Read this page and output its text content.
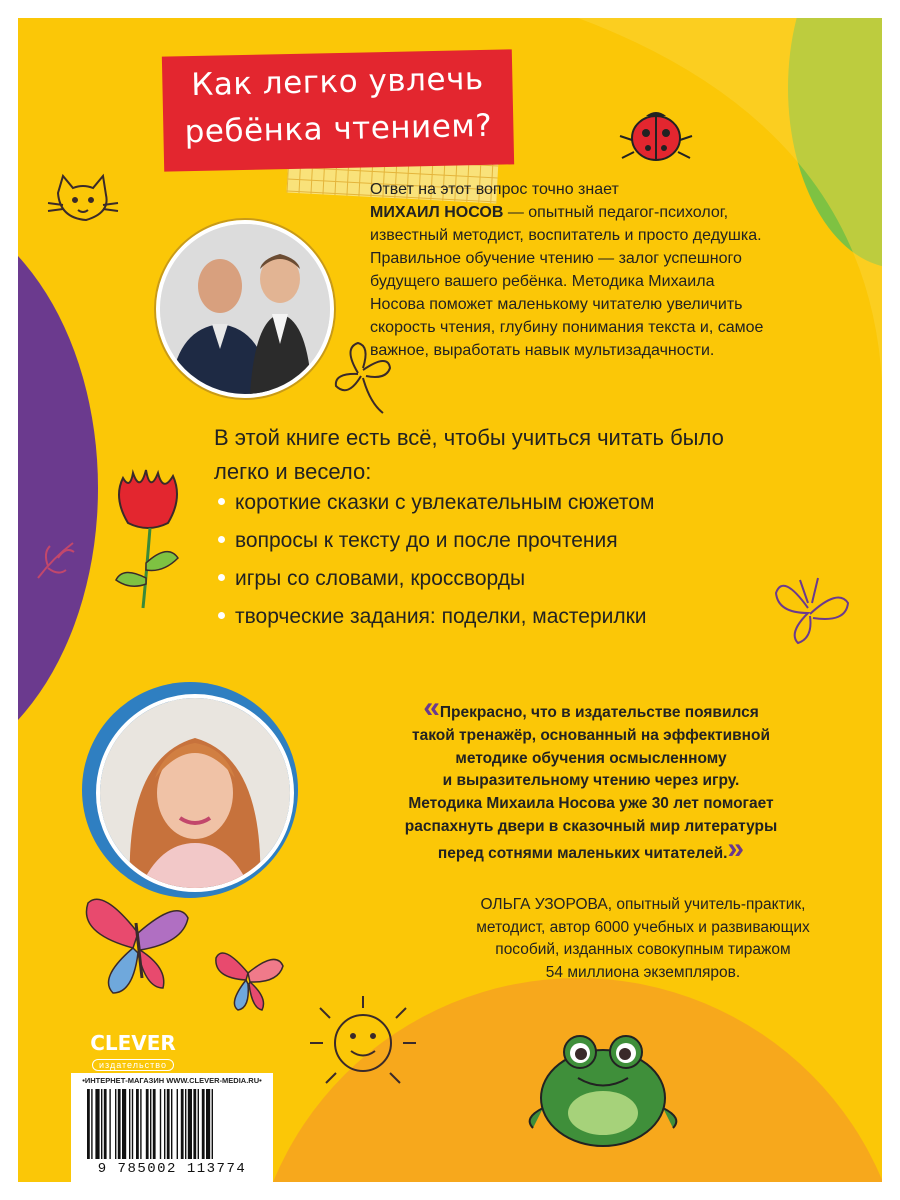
Как легко увлечь
ребёнка чтением?
Ответ на этот вопрос точно знает
МИХАИЛ НОСОВ — опытный педагог-психолог,
известный методист, воспитатель и просто дедушка.
Правильное обучение чтению — залог успешного
будущего вашего ребёнка. Методика Михаила
Носова поможет маленькому читателю увеличить
скорость чтения, глубину понимания текста и, самое
важное, выработать навык мультизадачности.
В этой книге есть всё, чтобы учиться читать было
легко и весело:
короткие сказки с увлекательным сюжетом
вопросы к тексту до и после прочтения
игры со словами, кроссворды
творческие задания: поделки, мастерилки
«Прекрасно, что в издательстве появился
такой тренажёр, основанный на эффективной
методике обучения осмысленному
и выразительному чтению через игру.
Методика Михаила Носова уже 30 лет помогает
распахнуть двери в сказочный мир литературы
перед сотнями маленьких читателей.»
ОЛЬГА УЗОРОВА, опытный учитель-практик,
методист, автор 6000 учебных и развивающих
пособий, изданных совокупным тиражом
54 миллиона экземпляров.
CLEVER
издательство
•ИНТЕРНЕТ-МАГАЗИН WWW.CLEVER-MEDIA.RU•
9 785002 113774
